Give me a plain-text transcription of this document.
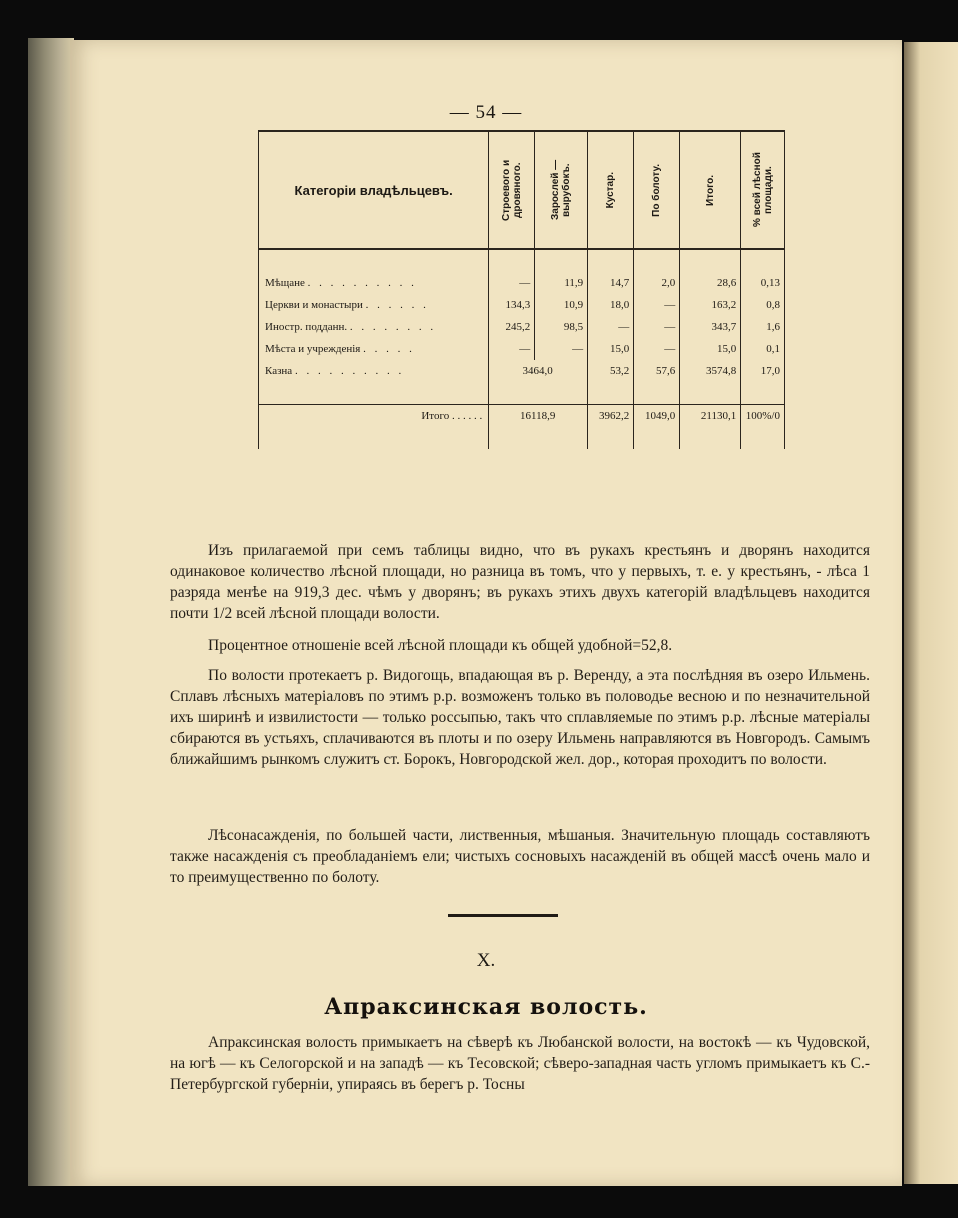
— 54 —
Категоріи владѣльцевъ.	Строевого и дровяного.	Зарослей — вырубокъ.	Кустар.	По болоту.	Итого.	% всей лѣсной площади.

Мѣщане . . . . . . . . . .	—	11,9	14,7	2,0	28,6	0,13
Церкви и монастыри . . . . . .	134,3	10,9	18,0	—	163,2	0,8
Иностр. подданн. . . . . . . . .	245,2	98,5	—	—	343,7	1,6
Мѣста и учрежденія . . . . .	—	—	15,0	—	15,0	0,1
Казна . . . . . . . . . .	3464,0		53,2	57,6	3574,8	17,0

Итого . . . . . .	16118,9		3962,2	1049,0	21130,1	100%/0

Изъ прилагаемой при семъ таблицы видно, что въ рукахъ крестьянъ и дворянъ находится одинаковое количество лѣсной площади, но разница въ томъ, что у первыхъ, т. е. у крестьянъ, - лѣса 1 разряда менѣе на 919,3 дес. чѣмъ у дворянъ; въ рукахъ этихъ двухъ категорій владѣльцевъ находится почти 1/2 всей лѣсной площади волости.

Процентное отношеніе всей лѣсной площади къ общей удобной=52,8.

По волости протекаетъ р. Видогощь, впадающая въ р. Веренду, а эта послѣдняя въ озеро Ильмень. Сплавъ лѣсныхъ матеріаловъ по этимъ р.р. возможенъ только въ половодье весною и по незначительной ихъ ширинѣ и извилистости — только россыпью, такъ что сплавляемые по этимъ р.р. лѣсные матеріалы сбираются въ устьяхъ, сплачиваются въ плоты и по озеру Ильмень направляются въ Новгородъ. Самымъ ближайшимъ рынкомъ служитъ ст. Борокъ, Новгородской жел. дор., которая проходитъ по волости.

Лѣсонасажденія, по большей части, лиственныя, мѣшаныя. Значительную площадь составляютъ также насажденія съ преобладаніемъ ели; чистыхъ сосновыхъ насажденій въ общей массѣ очень мало и то преимущественно по болоту.

X.
Апраксинская волость.

Апраксинская волость примыкаетъ на сѣверѣ къ Любанской волости, на востокѣ — къ Чудовской, на югѣ — къ Селогорской и на западѣ — къ Тесовской; сѣверо-западная часть угломъ примыкаетъ къ С.-Петербургской губерніи, упираясь въ берегъ р. Тосны
